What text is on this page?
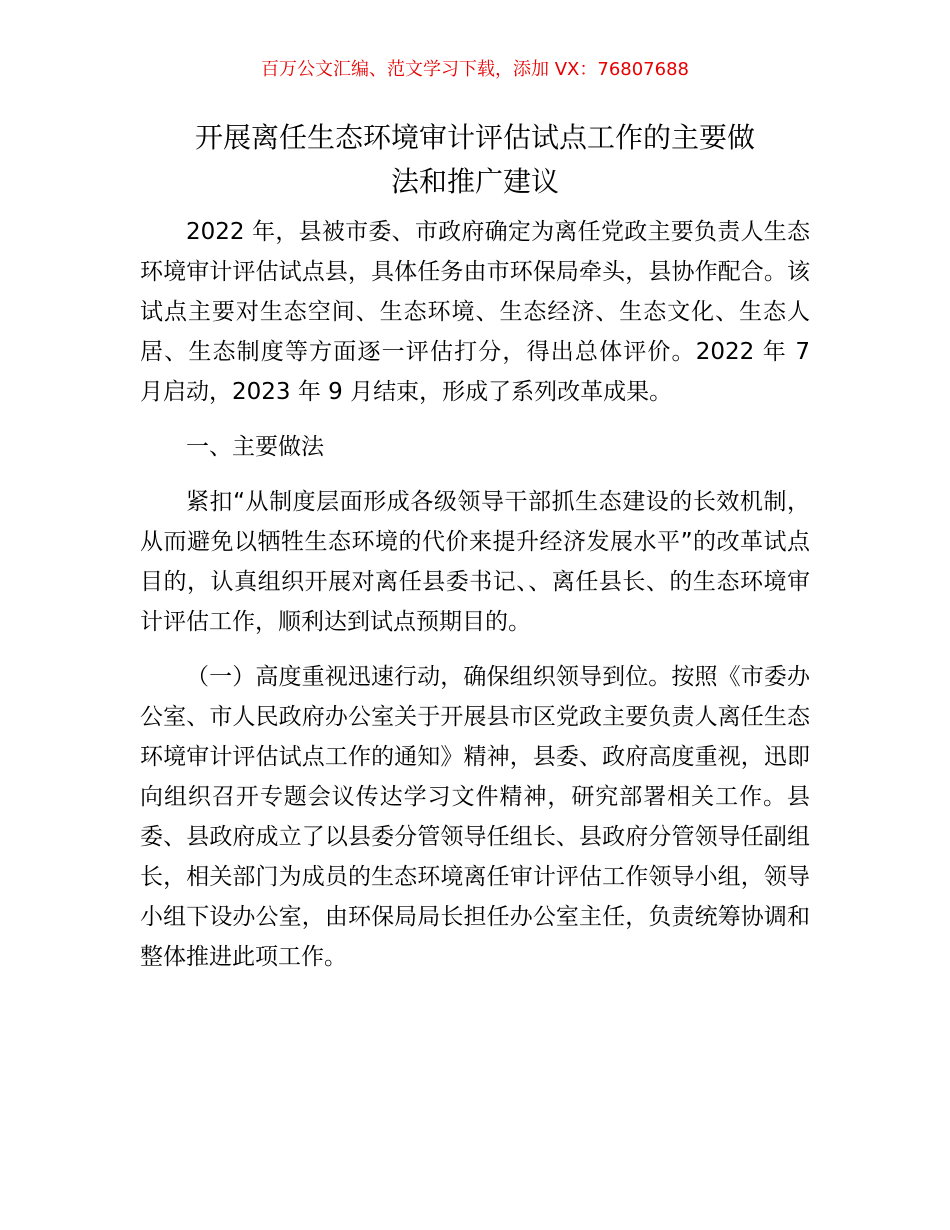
百万公文汇编、范文学习下载，添加 VX：76807688

开展离任生态环境审计评估试点工作的主要做
法和推广建议

2022 年，县被市委、市政府确定为离任党政主要负责人生态环境审计评估试点县，具体任务由市环保局牵头，县协作配合。该试点主要对生态空间、生态环境、生态经济、生态文化、生态人居、生态制度等方面逐一评估打分，得出总体评价。2022 年 7 月启动，2023 年 9 月结束，形成了系列改革成果。

一、主要做法

紧扣“从制度层面形成各级领导干部抓生态建设的长效机制，从而避免以牺牲生态环境的代价来提升经济发展水平”的改革试点目的，认真组织开展对离任县委书记、、离任县长、的生态环境审计评估工作，顺利达到试点预期目的。

（一）高度重视迅速行动，确保组织领导到位。按照《市委办公室、市人民政府办公室关于开展县市区党政主要负责人离任生态环境审计评估试点工作的通知》精神，县委、政府高度重视，迅即向组织召开专题会议传达学习文件精神，研究部署相关工作。县委、县政府成立了以县委分管领导任组长、县政府分管领导任副组长，相关部门为成员的生态环境离任审计评估工作领导小组，领导小组下设办公室，由环保局局长担任办公室主任，负责统筹协调和整体推进此项工作。
